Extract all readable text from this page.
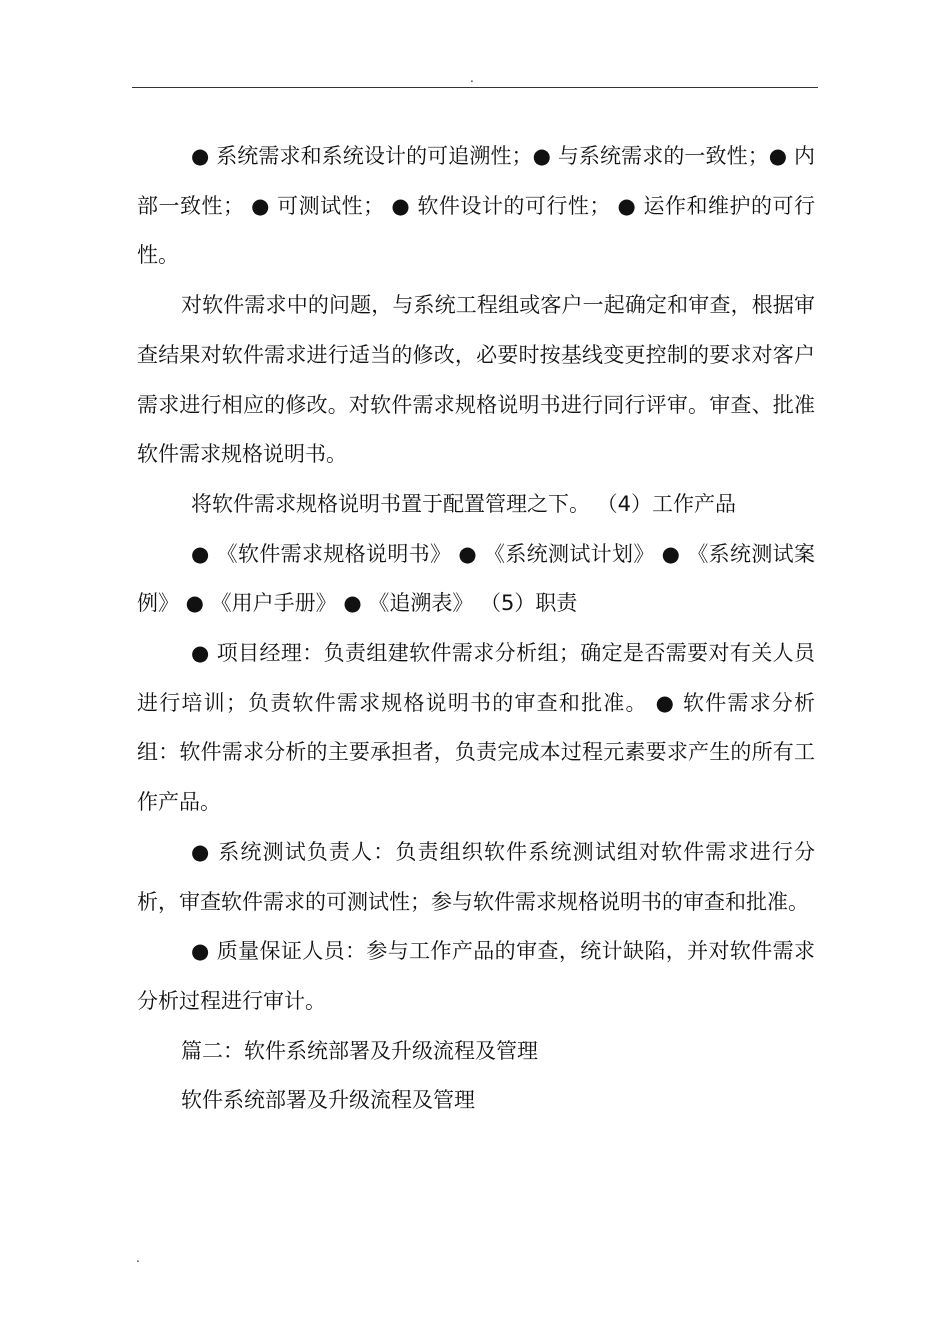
.

● 系统需求和系统设计的可追溯性；● 与系统需求的一致性；● 内部一致性； ● 可测试性； ● 软件设计的可行性； ● 运作和维护的可行性。

对软件需求中的问题，与系统工程组或客户一起确定和审查，根据审查结果对软件需求进行适当的修改，必要时按基线变更控制的要求对客户需求进行相应的修改。对软件需求规格说明书进行同行评审。审查、批准软件需求规格说明书。

将软件需求规格说明书置于配置管理之下。 （4）工作产品

● 《软件需求规格说明书》 ● 《系统测试计划》 ● 《系统测试案例》 ● 《用户手册》 ● 《追溯表》 （5）职责

● 项目经理：负责组建软件需求分析组；确定是否需要对有关人员进行培训；负责软件需求规格说明书的审查和批准。 ● 软件需求分析组：软件需求分析的主要承担者，负责完成本过程元素要求产生的所有工作产品。

● 系统测试负责人：负责组织软件系统测试组对软件需求进行分析，审查软件需求的可测试性；参与软件需求规格说明书的审查和批准。

● 质量保证人员：参与工作产品的审查，统计缺陷，并对软件需求分析过程进行审计。

篇二：软件系统部署及升级流程及管理

软件系统部署及升级流程及管理

.
